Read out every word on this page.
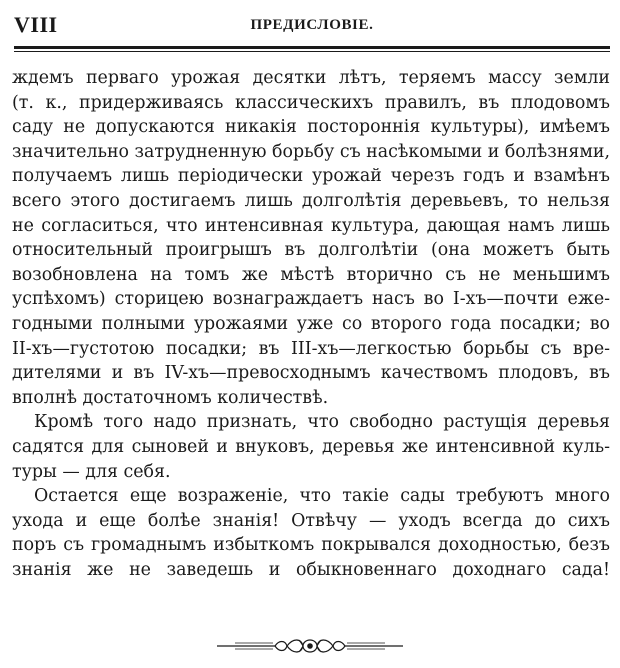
VIII	ПРЕДИСЛОВІЕ.
ждемъ перваго урожая десятки лѣтъ, теряемъ массу земли
(т. к., придерживаясь классическихъ правилъ, въ плодовомъ
саду не допускаются никакія постороннія культуры), имѣемъ
значительно затрудненную борьбу съ насѣкомыми и болѣзнями,
получаемъ лишь періодически урожай черезъ годъ и взамѣнъ
всего этого достигаемъ лишь долголѣтія деревьевъ, то нельзя
не согласиться, что интенсивная культура, дающая намъ лишь
относительный проигрышъ въ долголѣтіи (она можетъ быть
возобновлена на томъ же мѣстѣ вторично съ не меньшимъ
успѣхомъ) сторицею вознаграждаетъ насъ во I-хъ—почти еже-
годными полными урожаями уже со второго года посадки; во
II-хъ—густотою посадки; въ III-хъ—легкостью борьбы съ вре-
дителями и въ IV-хъ—превосходнымъ качествомъ плодовъ, въ
вполнѣ достаточномъ количествѣ.
Кромѣ того надо признать, что свободно растущія деревья
садятся для сыновей и внуковъ, деревья же интенсивной куль-
туры — для себя.
Остается еще возраженіе, что такіе сады требуютъ много
ухода и еще болѣе знанія! Отвѣчу — уходъ всегда до сихъ
поръ съ громаднымъ избыткомъ покрывался доходностью, безъ
знанія же не заведешь и обыкновеннаго доходнаго сада!
